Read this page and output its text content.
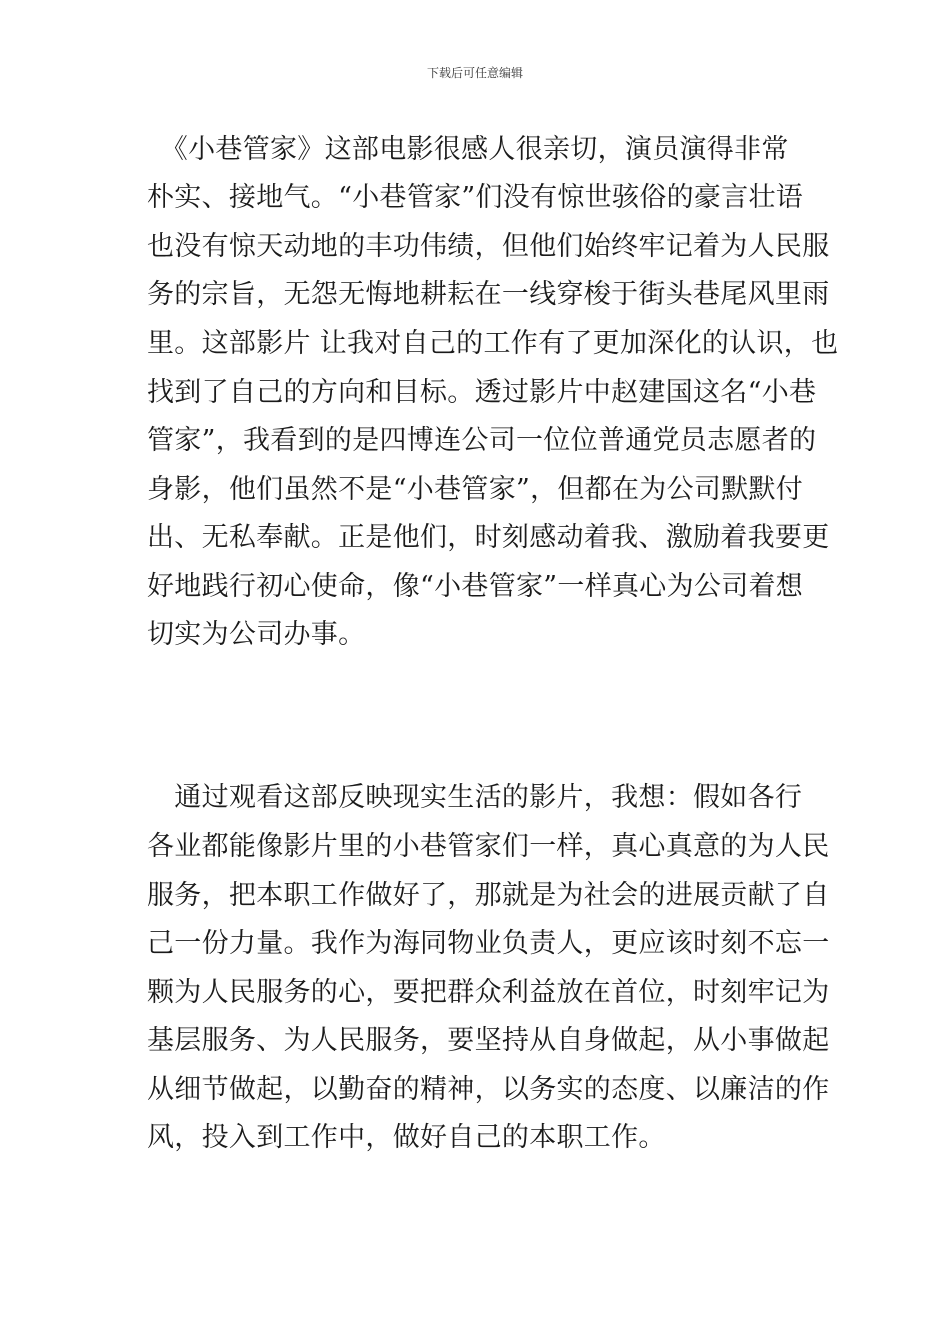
下载后可任意编辑
　《小巷管家》这部电影很感人很亲切，演员演得非常
朴实、接地气。“小巷管家”们没有惊世骇俗的豪言壮语
也没有惊天动地的丰功伟绩，但他们始终牢记着为人民服
务的宗旨，无怨无悔地耕耘在一线穿梭于街头巷尾风里雨
里。这部影片 让我对自己的工作有了更加深化的认识，也
找到了自己的方向和目标。透过影片中赵建国这名“小巷
管家”，我看到的是四博连公司一位位普通党员志愿者的
身影，他们虽然不是“小巷管家”，但都在为公司默默付
出、无私奉献。正是他们，时刻感动着我、激励着我要更
好地践行初心使命，像“小巷管家”一样真心为公司着想
切实为公司办事。
　通过观看这部反映现实生活的影片，我想：假如各行
各业都能像影片里的小巷管家们一样，真心真意的为人民
服务，把本职工作做好了，那就是为社会的进展贡献了自
己一份力量。我作为海同物业负责人，更应该时刻不忘一
颗为人民服务的心，要把群众利益放在首位，时刻牢记为
基层服务、为人民服务，要坚持从自身做起，从小事做起
从细节做起，以勤奋的精神，以务实的态度、以廉洁的作
风，投入到工作中，做好自己的本职工作。
